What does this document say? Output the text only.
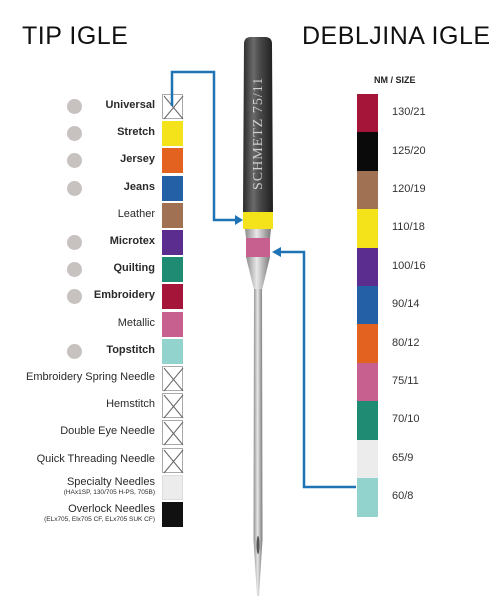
TIP IGLE	DEBLJINA IGLE
NM / SIZE
Universal
Stretch
Jersey
Jeans
Leather
Microtex
Quilting
Embroidery
Metallic
Topstitch
Embroidery Spring Needle
Hemstitch
Double Eye Needle
Quick Threading Needle
Specialty Needles
(HAx1SP, 130/705 H-PS, 705B)
Overlock Needles
(ELx705, Elx705 CF, ELx705 SUK CF)
130/21
125/20
120/19
110/18
100/16
90/14
80/12
75/11
70/10
65/9
60/8
SCHMETZ 75/11
